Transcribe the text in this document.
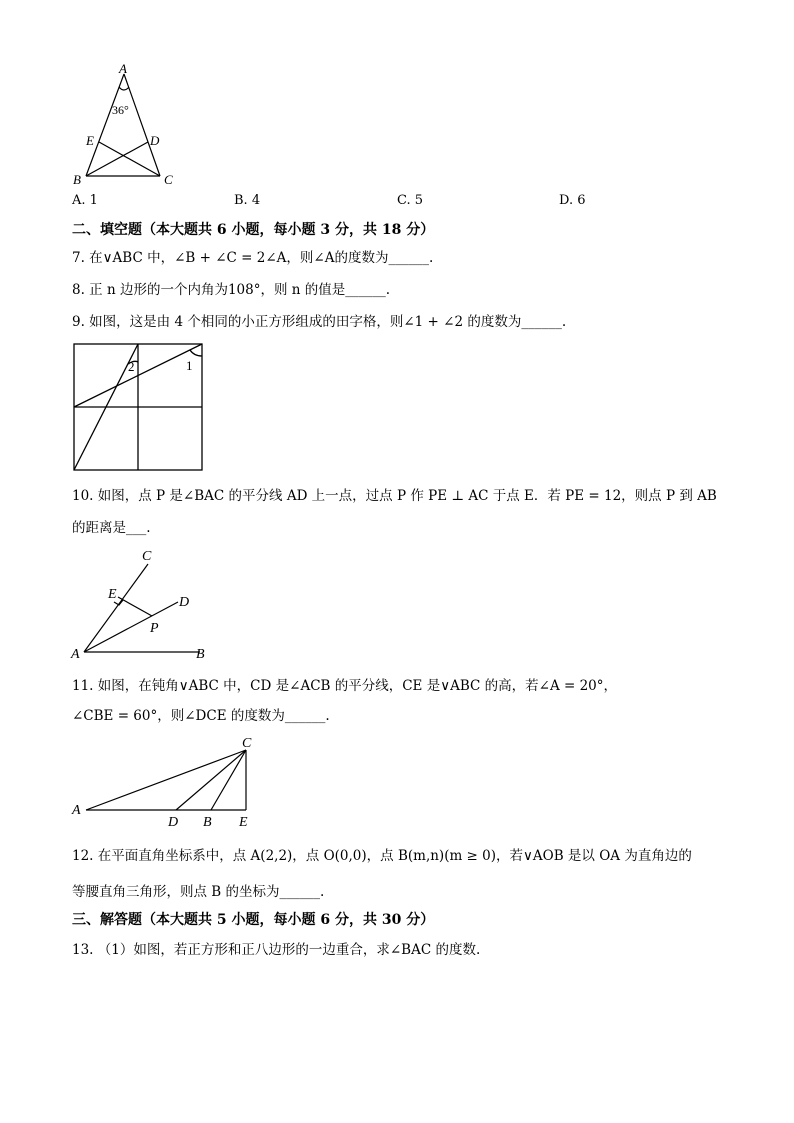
A
36°
E	D
B	C
A. 1	B. 4	C. 5	D. 6
二、填空题（本大题共 6 小题，每小题 3 分，共 18 分）
7. 在∨ABC 中，∠B + ∠C = 2∠A，则∠A的度数为______.
8. 正 n 边形的一个内角为108°，则 n 的值是______.
9. 如图，这是由 4 个相同的小正方形组成的田字格，则∠1 + ∠2 的度数为______.
2	1
10. 如图，点 P 是∠BAC 的平分线 AD 上一点，过点 P 作 PE ⊥ AC 于点 E．若 PE = 12，则点 P 到 AB
的距离是___.
C
E
D
P
A	B
11. 如图，在钝角∨ABC 中，CD 是∠ACB 的平分线，CE 是∨ABC 的高，若∠A = 20°，
∠CBE = 60°，则∠DCE 的度数为______.
C
A
D B E
12. 在平面直角坐标系中，点 A(2,2)，点 O(0,0)，点 B(m,n)(m ≥ 0)，若∨AOB 是以 OA 为直角边的
等腰直角三角形，则点 B 的坐标为______.
三、解答题（本大题共 5 小题，每小题 6 分，共 30 分）
13. （1）如图，若正方形和正八边形的一边重合，求∠BAC 的度数.
